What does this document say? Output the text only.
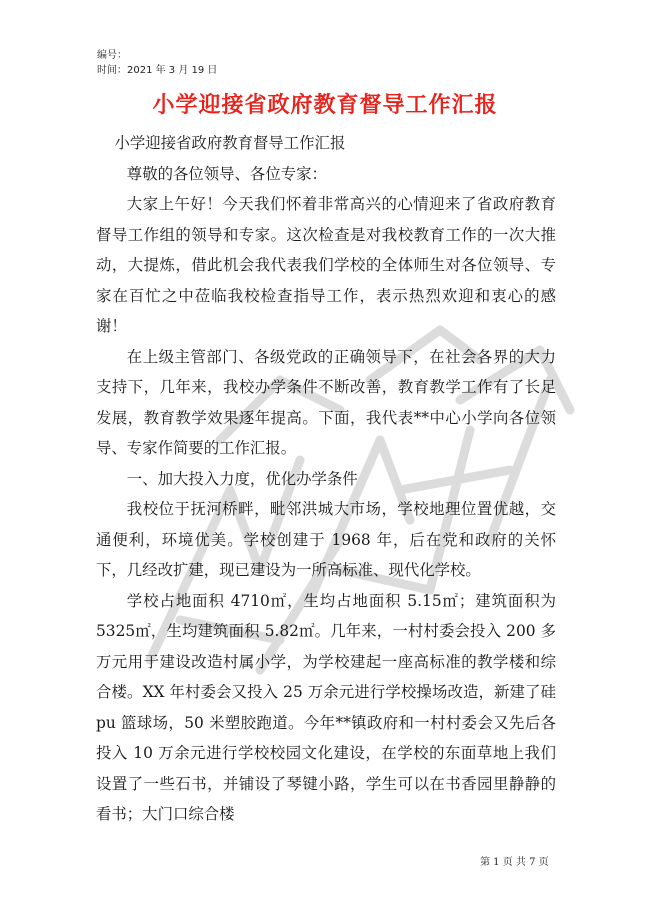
编号：
时间：2021 年 3 月 19 日
小学迎接省政府教育督导工作汇报

小学迎接省政府教育督导工作汇报

尊敬的各位领导、各位专家：

大家上午好！今天我们怀着非常高兴的心情迎来了省政府教育督导工作组的领导和专家。这次检查是对我校教育工作的一次大推动，大提炼，借此机会我代表我们学校的全体师生对各位领导、专家在百忙之中莅临我校检查指导工作，表示热烈欢迎和衷心的感谢！

在上级主管部门、各级党政的正确领导下，在社会各界的大力支持下，几年来，我校办学条件不断改善，教育教学工作有了长足发展，教育教学效果逐年提高。下面，我代表**中心小学向各位领导、专家作简要的工作汇报。

一、加大投入力度，优化办学条件

我校位于抚河桥畔，毗邻洪城大市场，学校地理位置优越，交通便利，环境优美。学校创建于 1968 年，后在党和政府的关怀下，几经改扩建，现已建设为一所高标准、现代化学校。

学校占地面积 4710㎡，生均占地面积 5.15㎡；建筑面积为 5325㎡，生均建筑面积 5.82㎡。几年来，一村村委会投入 200 多万元用于建设改造村属小学，为学校建起一座高标准的教学楼和综合楼。XX 年村委会又投入 25 万余元进行学校操场改造，新建了硅 pu 篮球场，50 米塑胶跑道。今年**镇政府和一村村委会又先后各投入 10 万余元进行学校校园文化建设，在学校的东面草地上我们设置了一些石书，并铺设了琴键小路，学生可以在书香园里静静的看书；大门口综合楼

第 1 页 共 7 页
